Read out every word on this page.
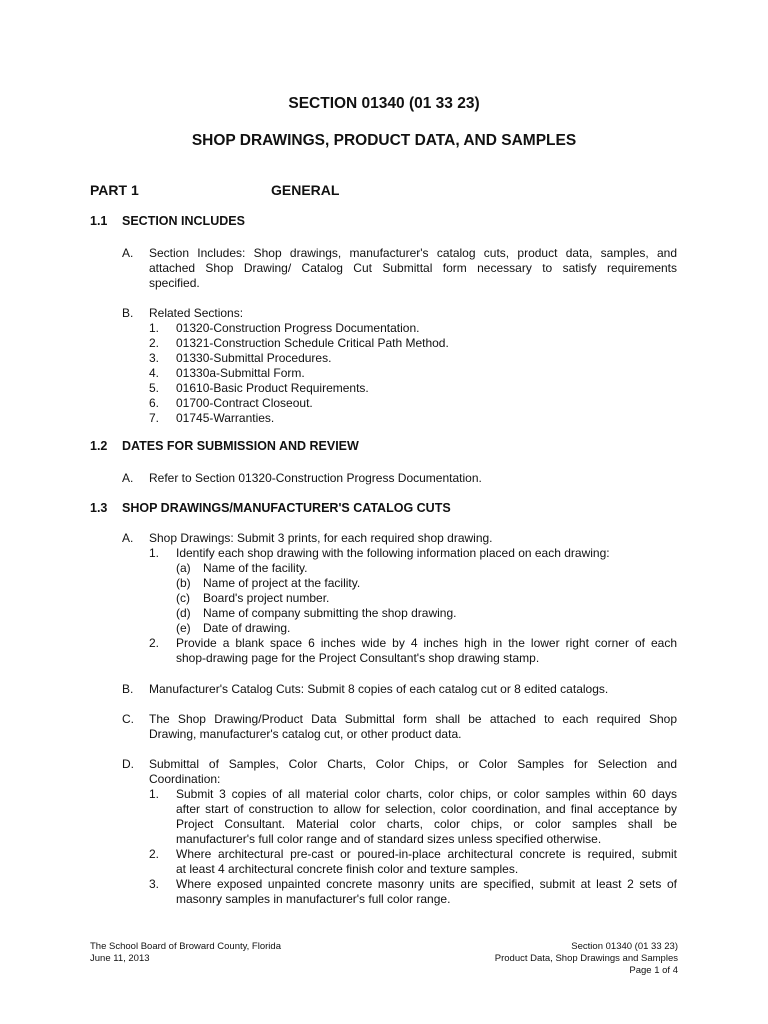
SECTION 01340 (01 33 23)
SHOP DRAWINGS, PRODUCT DATA, AND SAMPLES
PART 1	GENERAL
1.1 SECTION INCLUDES
A. Section Includes: Shop drawings, manufacturer's catalog cuts, product data, samples, and
attached Shop Drawing/ Catalog Cut Submittal form necessary to satisfy requirements
specified.
B. Related Sections:
1. 01320-Construction Progress Documentation.
2. 01321-Construction Schedule Critical Path Method.
3. 01330-Submittal Procedures.
4. 01330a-Submittal Form.
5. 01610-Basic Product Requirements.
6. 01700-Contract Closeout.
7. 01745-Warranties.
1.2 DATES FOR SUBMISSION AND REVIEW
A. Refer to Section 01320-Construction Progress Documentation.
1.3 SHOP DRAWINGS/MANUFACTURER'S CATALOG CUTS
A. Shop Drawings: Submit 3 prints, for each required shop drawing.
1. Identify each shop drawing with the following information placed on each drawing:
(a) Name of the facility.
(b) Name of project at the facility.
(c) Board's project number.
(d) Name of company submitting the shop drawing.
(e) Date of drawing.
2. Provide a blank space 6 inches wide by 4 inches high in the lower right corner of each
shop-drawing page for the Project Consultant's shop drawing stamp.
B. Manufacturer's Catalog Cuts: Submit 8 copies of each catalog cut or 8 edited catalogs.
C. The Shop Drawing/Product Data Submittal form shall be attached to each required Shop
Drawing, manufacturer's catalog cut, or other product data.
D. Submittal of Samples, Color Charts, Color Chips, or Color Samples for Selection and
Coordination:
1. Submit 3 copies of all material color charts, color chips, or color samples within 60 days
after start of construction to allow for selection, color coordination, and final acceptance by
Project Consultant. Material color charts, color chips, or color samples shall be
manufacturer's full color range and of standard sizes unless specified otherwise.
2. Where architectural pre-cast or poured-in-place architectural concrete is required, submit
at least 4 architectural concrete finish color and texture samples.
3. Where exposed unpainted concrete masonry units are specified, submit at least 2 sets of
masonry samples in manufacturer's full color range.
The School Board of Broward County, Florida
June 11, 2013
Section 01340 (01 33 23)
Product Data, Shop Drawings and Samples
Page 1 of 4
